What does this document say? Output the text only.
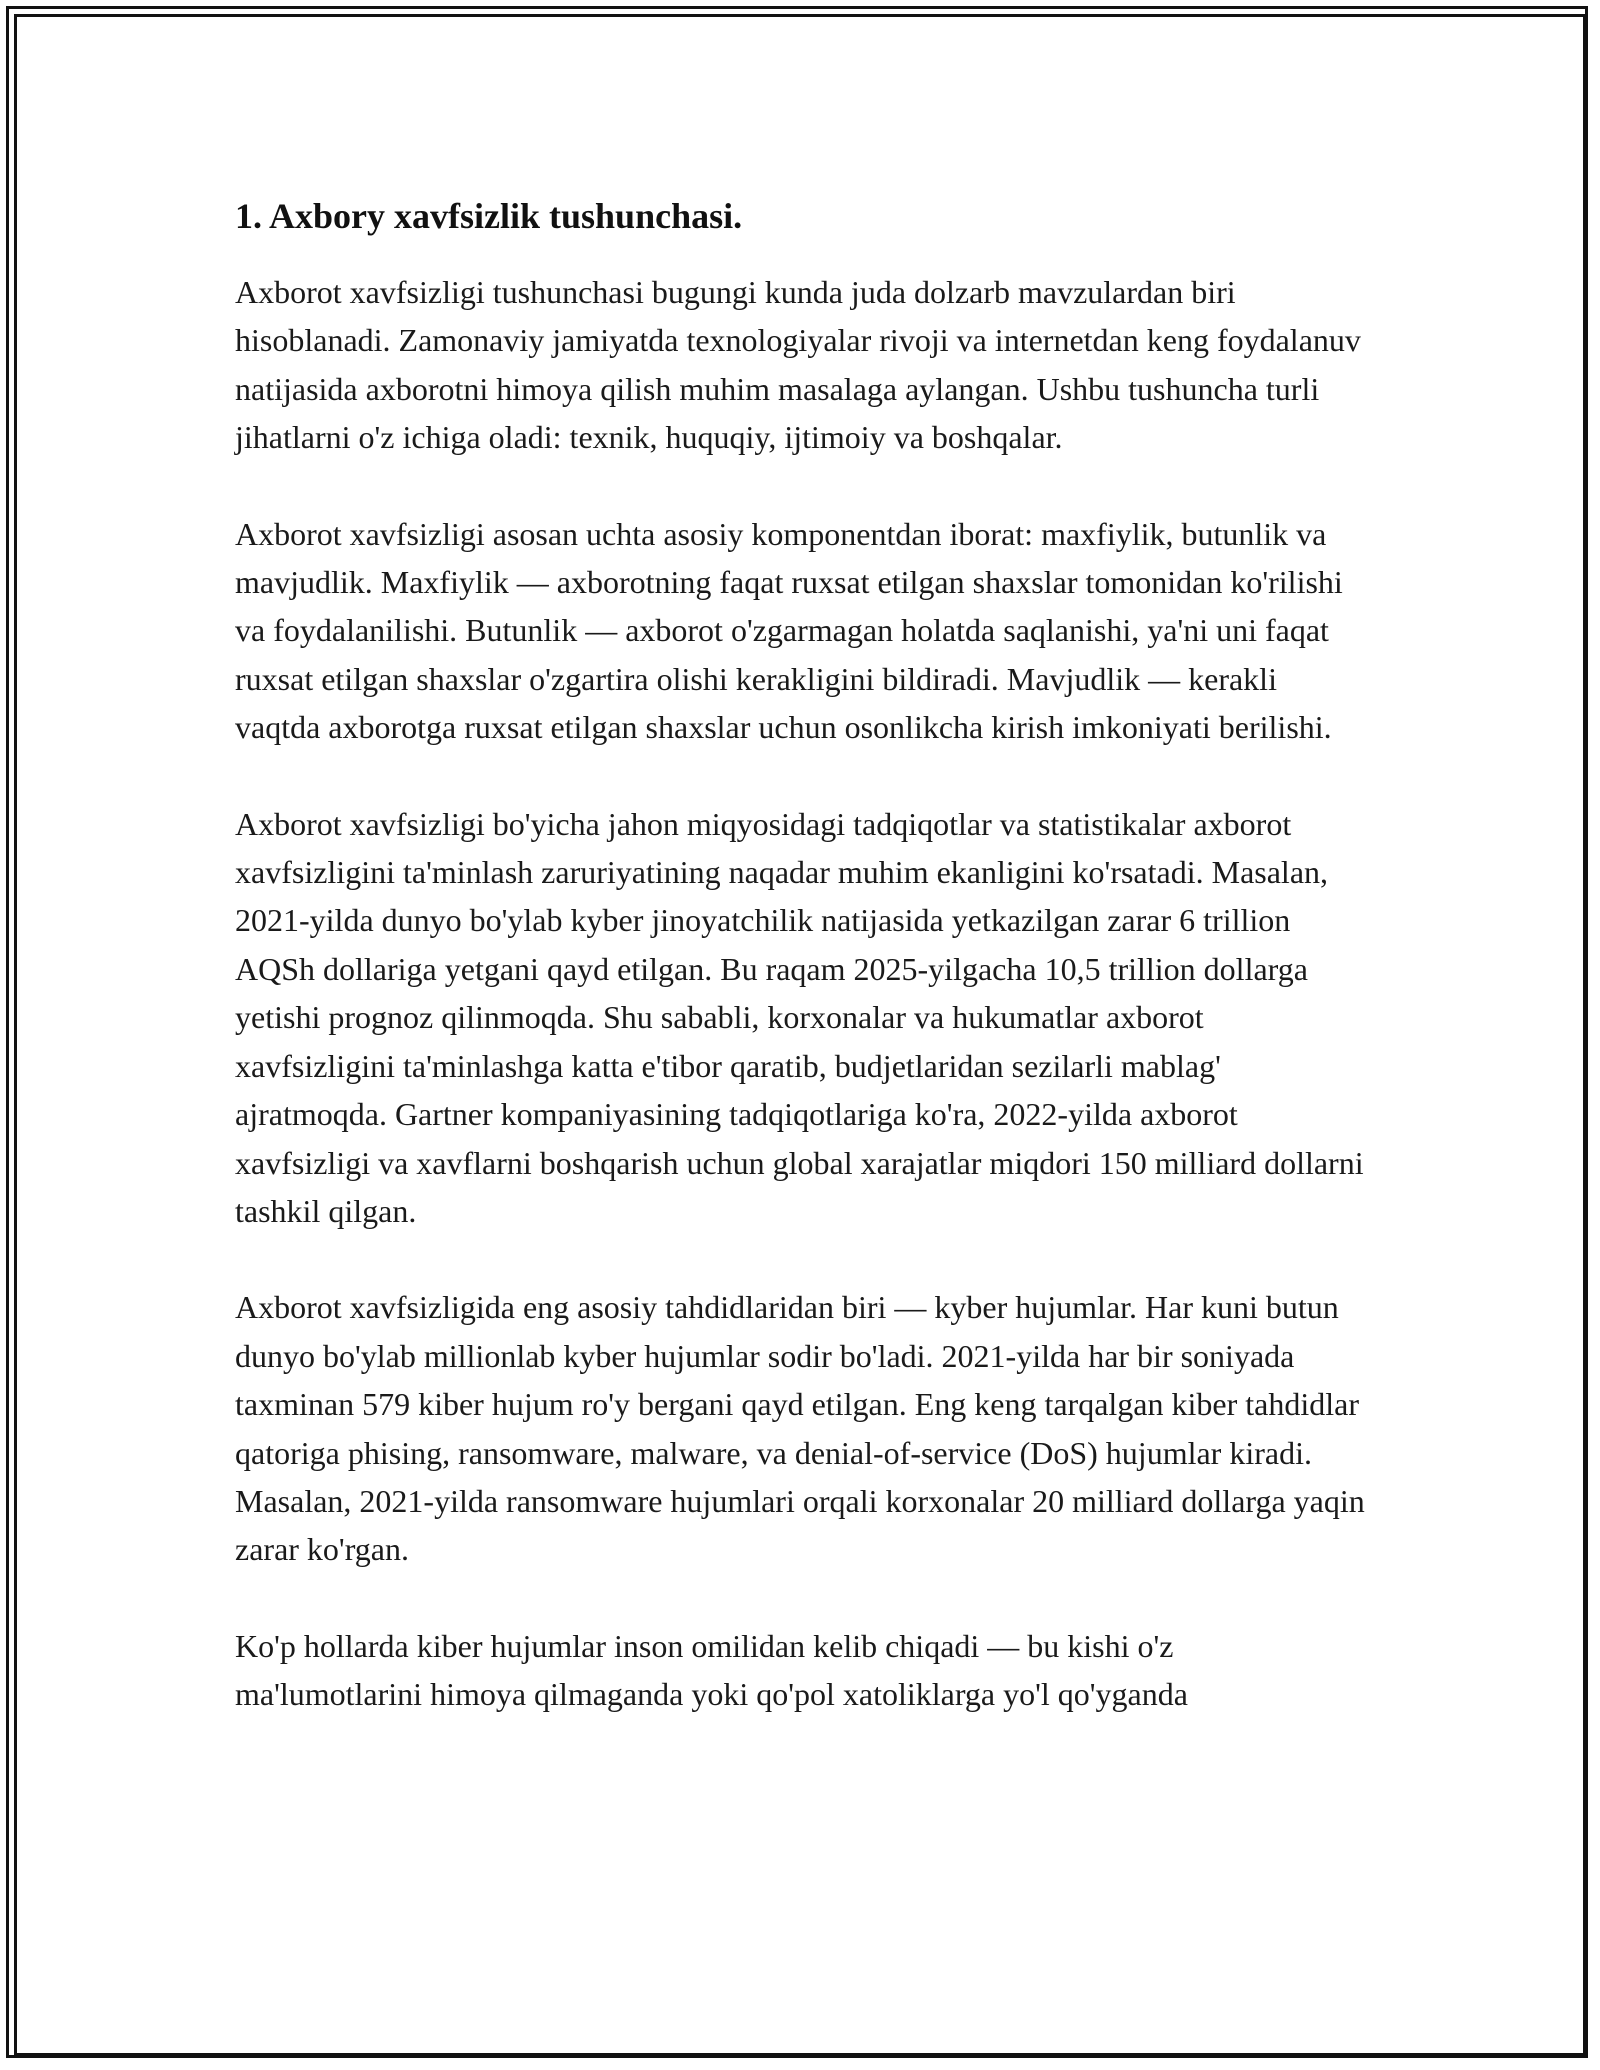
1. Axbory xavfsizlik tushunchasi.

Axborot xavfsizligi tushunchasi bugungi kunda juda dolzarb mavzulardan biri hisoblanadi. Zamonaviy jamiyatda texnologiyalar rivoji va internetdan keng foydalanuv natijasida axborotni himoya qilish muhim masalaga aylangan. Ushbu tushuncha turli jihatlarni o'z ichiga oladi: texnik, huquqiy, ijtimoiy va boshqalar.

Axborot xavfsizligi asosan uchta asosiy komponentdan iborat: maxfiylik, butunlik va mavjudlik. Maxfiylik — axborotning faqat ruxsat etilgan shaxslar tomonidan ko'rilishi va foydalanilishi. Butunlik — axborot o'zgarmagan holatda saqlanishi, ya'ni uni faqat ruxsat etilgan shaxslar o'zgartira olishi kerakligini bildiradi. Mavjudlik — kerakli vaqtda axborotga ruxsat etilgan shaxslar uchun osonlikcha kirish imkoniyati berilishi.

Axborot xavfsizligi bo'yicha jahon miqyosidagi tadqiqotlar va statistikalar axborot xavfsizligini ta'minlash zaruriyatining naqadar muhim ekanligini ko'rsatadi. Masalan, 2021-yilda dunyo bo'ylab kyber jinoyatchilik natijasida yetkazilgan zarar 6 trillion AQSh dollariga yetgani qayd etilgan. Bu raqam 2025-yilgacha 10,5 trillion dollarga yetishi prognoz qilinmoqda. Shu sababli, korxonalar va hukumatlar axborot xavfsizligini ta'minlashga katta e'tibor qaratib, budjetlaridan sezilarli mablag' ajratmoqda. Gartner kompaniyasining tadqiqotlariga ko'ra, 2022-yilda axborot xavfsizligi va xavflarni boshqarish uchun global xarajatlar miqdori 150 milliard dollarni tashkil qilgan.

Axborot xavfsizligida eng asosiy tahdidlaridan biri — kyber hujumlar. Har kuni butun dunyo bo'ylab millionlab kyber hujumlar sodir bo'ladi. 2021-yilda har bir soniyada taxminan 579 kiber hujum ro'y bergani qayd etilgan. Eng keng tarqalgan kiber tahdidlar qatoriga phising, ransomware, malware, va denial-of-service (DoS) hujumlar kiradi. Masalan, 2021-yilda ransomware hujumlari orqali korxonalar 20 milliard dollarga yaqin zarar ko'rgan.

Ko'p hollarda kiber hujumlar inson omilidan kelib chiqadi — bu kishi o'z ma'lumotlarini himoya qilmaganda yoki qo'pol xatoliklarga yo'l qo'yganda
